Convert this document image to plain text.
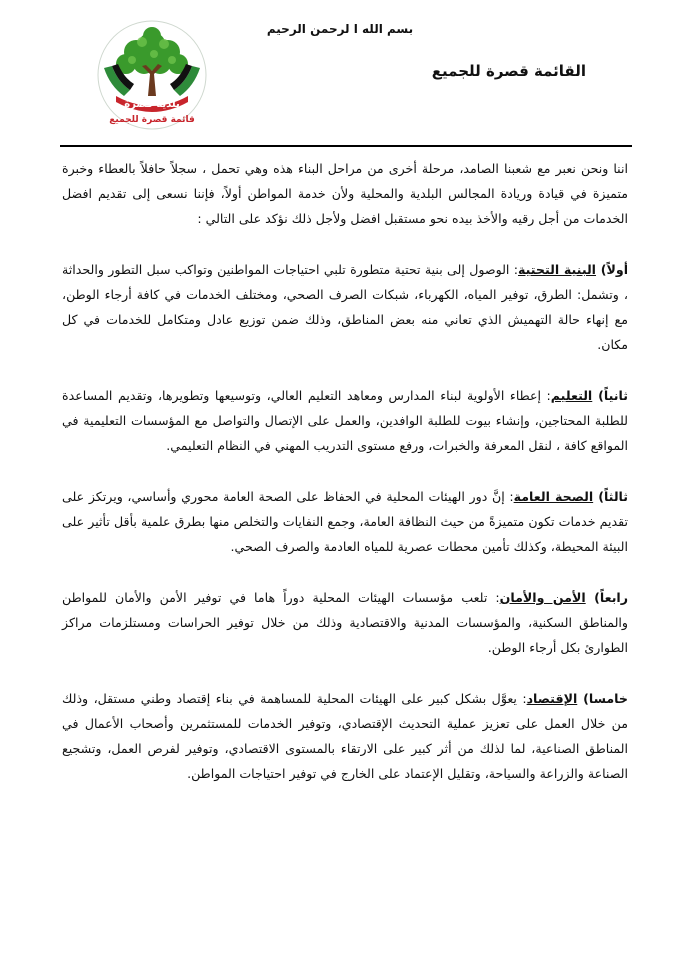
بلدية قصرة
قائمة قصرة للجميع
بسم الله ا لرحمن الرحيم
القائمة قصرة للجميع

اننا ونحن نعبر مع شعبنا الصامد، مرحلة أخرى من مراحل البناء هذه وهي تحمل ، سجلاً حافلاً بالعطاء وخبرة متميزة في قيادة وريادة المجالس البلدية والمحلية ولأن خدمة المواطن أولاً، فإننا نسعى إلى تقديم افضل الخدمات من أجل رقيه والأخذ بيده نحو مستقبل افضل ولأجل ذلك نؤكد على التالي :

أولاً) البنية التحتية: الوصول إلى بنية تحتية متطورة تلبي احتياجات المواطنين وتواكب سبل التطور والحداثة ، وتشمل: الطرق، توفير المياه، الكهرباء، شبكات الصرف الصحي، ومختلف الخدمات في كافة أرجاء الوطن، مع إنهاء حالة التهميش الذي تعاني منه بعض المناطق، وذلك ضمن توزيع عادل ومتكامل للخدمات في كل مكان.

ثانياً) التعليم: إعطاء الأولوية لبناء المدارس ومعاهد التعليم العالي، وتوسيعها وتطويرها، وتقديم المساعدة للطلبة المحتاجين، وإنشاء بيوت للطلبة الوافدين، والعمل على الإتصال والتواصل مع المؤسسات التعليمية في المواقع كافة ، لنقل المعرفة والخبرات، ورفع مستوى التدريب المهني في النظام التعليمي.

ثالثاً) الصحة العامة: إنَّ دور الهيئات المحلية في الحفاظ على الصحة العامة محوري وأساسي، ويرتكز على تقديم خدمات تكون متميزةً من حيث النظافة العامة، وجمع النفايات والتخلص منها بطرق علمية بأقل تأثير على البيئة المحيطة، وكذلك تأمين محطات عصرية للمياه العادمة والصرف الصحي.

رابعاً) الأمن والأمان: تلعب مؤسسات الهيئات المحلية دوراً هاما في توفير الأمن والأمان للمواطن والمناطق السكنية، والمؤسسات المدنية والاقتصادية وذلك من خلال توفير الحراسات ومستلزمات مراكز الطوارئ بكل أرجاء الوطن.

خامسا) الإقتصاد: يعوَّل بشكل كبير على الهيئات المحلية للمساهمة في بناء إقتصاد وطني مستقل، وذلك من خلال العمل على تعزيز عملية التحديث الإقتصادي، وتوفير الخدمات للمستثمرين وأصحاب الأعمال في المناطق الصناعية، لما لذلك من أثر كبير على الارتقاء بالمستوى الاقتصادي، وتوفير لفرص العمل، وتشجيع الصناعة والزراعة والسياحة، وتقليل الإعتماد على الخارج في توفير احتياجات المواطن.
